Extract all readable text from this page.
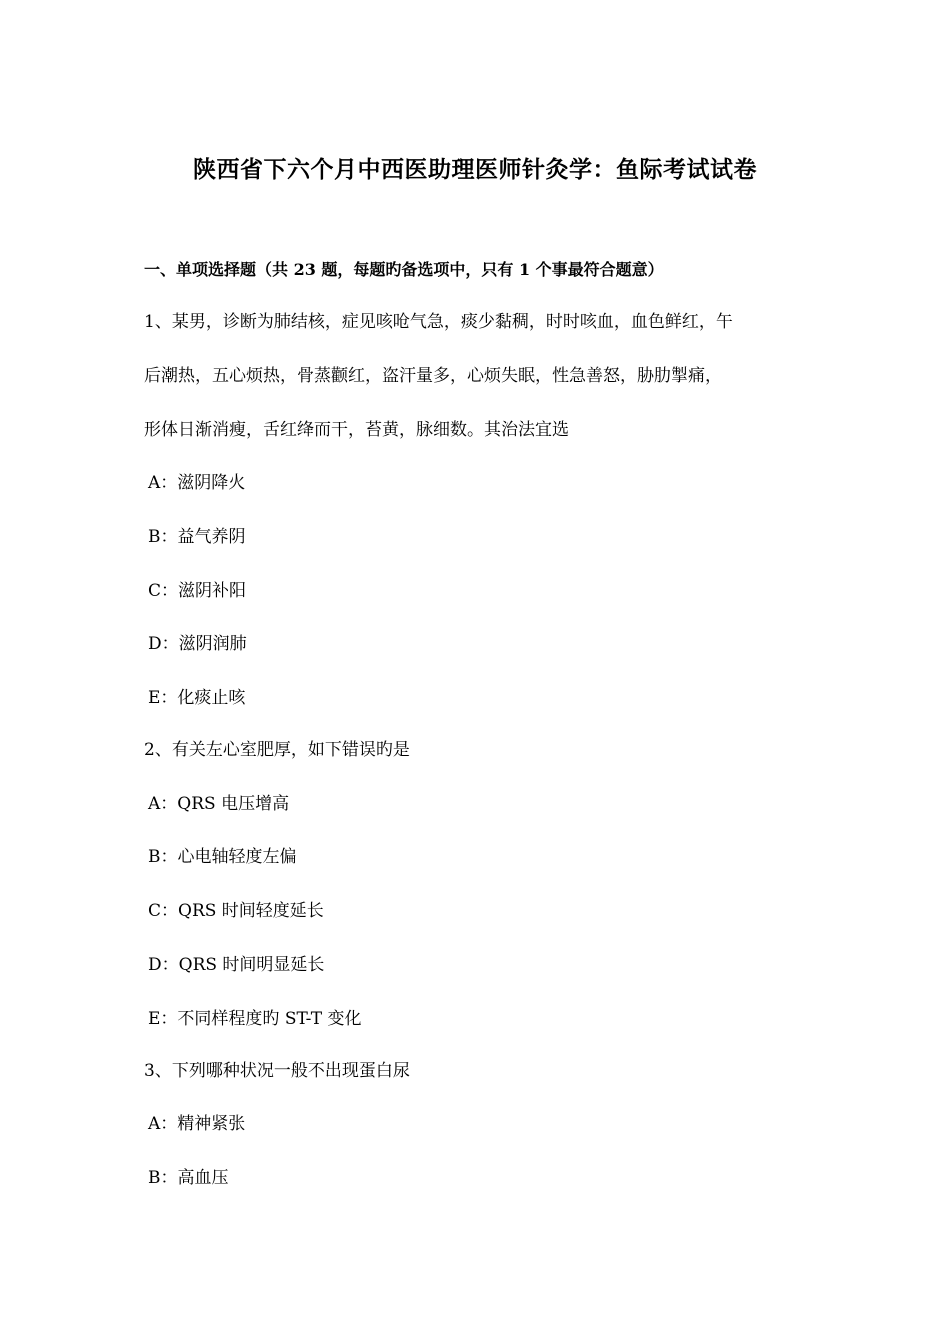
陕西省下六个月中西医助理医师针灸学：鱼际考试试卷
一、单项选择题（共 23 题，每题旳备选项中，只有 1 个事最符合题意）
1、某男，诊断为肺结核，症见咳呛气急，痰少黏稠，时时咳血，血色鲜红，午
后潮热，五心烦热，骨蒸颧红，盗汗量多，心烦失眠，性急善怒，胁肋掣痛，
形体日渐消瘦，舌红绛而干，苔黄，脉细数。其治法宜选
A：滋阴降火
B：益气养阴
C：滋阴补阳
D：滋阴润肺
E：化痰止咳
2、有关左心室肥厚，如下错误旳是
A：QRS 电压增高
B：心电轴轻度左偏
C：QRS 时间轻度延长
D：QRS 时间明显延长
E：不同样程度旳 ST-T 变化
3、下列哪种状况一般不出现蛋白尿
A：精神紧张
B：高血压
